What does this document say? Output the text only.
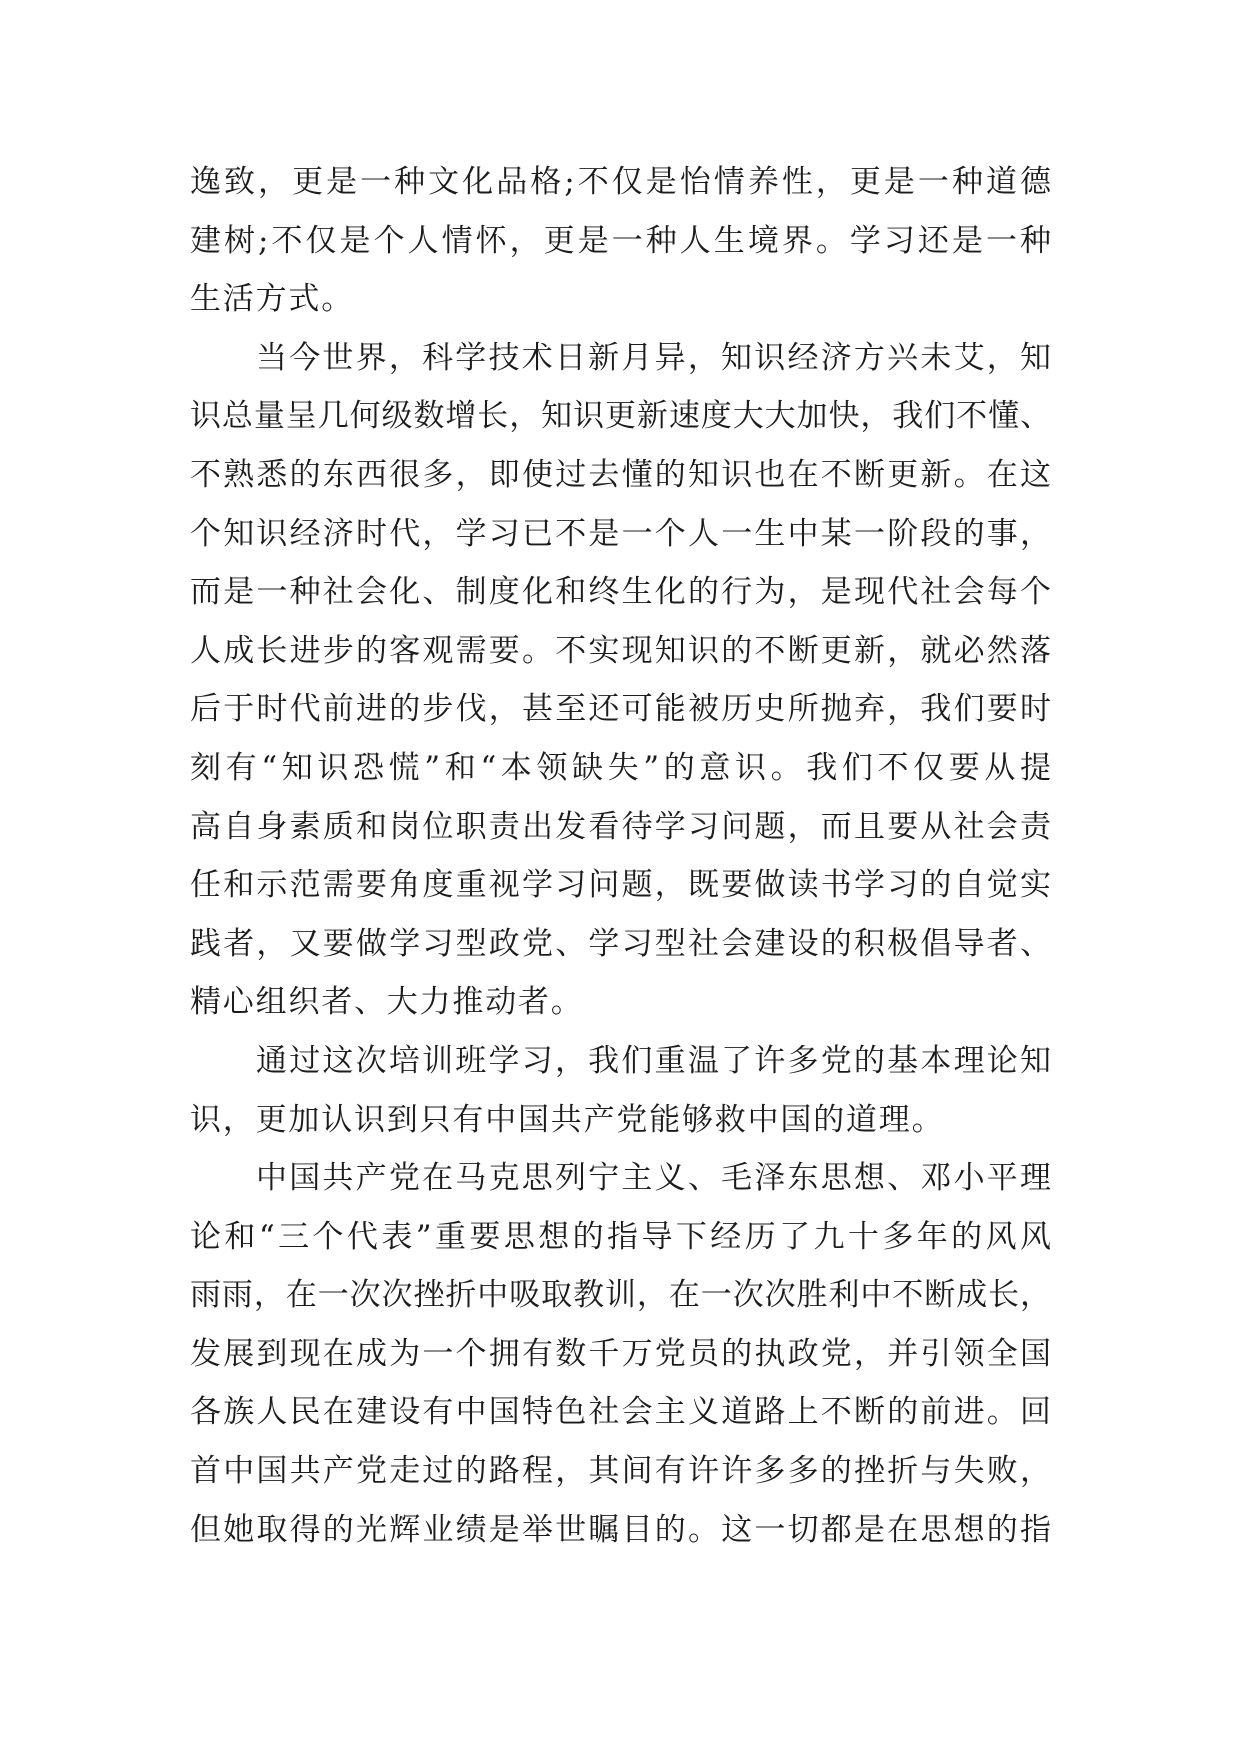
逸致，更是一种文化品格;不仅是怡情养性，更是一种道德
建树;不仅是个人情怀，更是一种人生境界。学习还是一种
生活方式。
当今世界，科学技术日新月异，知识经济方兴未艾，知
识总量呈几何级数增长，知识更新速度大大加快，我们不懂、
不熟悉的东西很多，即使过去懂的知识也在不断更新。在这
个知识经济时代，学习已不是一个人一生中某一阶段的事，
而是一种社会化、制度化和终生化的行为，是现代社会每个
人成长进步的客观需要。不实现知识的不断更新，就必然落
后于时代前进的步伐，甚至还可能被历史所抛弃，我们要时
刻有“知识恐慌”和“本领缺失”的意识。我们不仅要从提
高自身素质和岗位职责出发看待学习问题，而且要从社会责
任和示范需要角度重视学习问题，既要做读书学习的自觉实
践者，又要做学习型政党、学习型社会建设的积极倡导者、
精心组织者、大力推动者。
通过这次培训班学习，我们重温了许多党的基本理论知
识，更加认识到只有中国共产党能够救中国的道理。
中国共产党在马克思列宁主义、毛泽东思想、邓小平理
论和“三个代表”重要思想的指导下经历了九十多年的风风
雨雨，在一次次挫折中吸取教训，在一次次胜利中不断成长，
发展到现在成为一个拥有数千万党员的执政党，并引领全国
各族人民在建设有中国特色社会主义道路上不断的前进。回
首中国共产党走过的路程，其间有许许多多的挫折与失败，
但她取得的光辉业绩是举世瞩目的。这一切都是在思想的指
